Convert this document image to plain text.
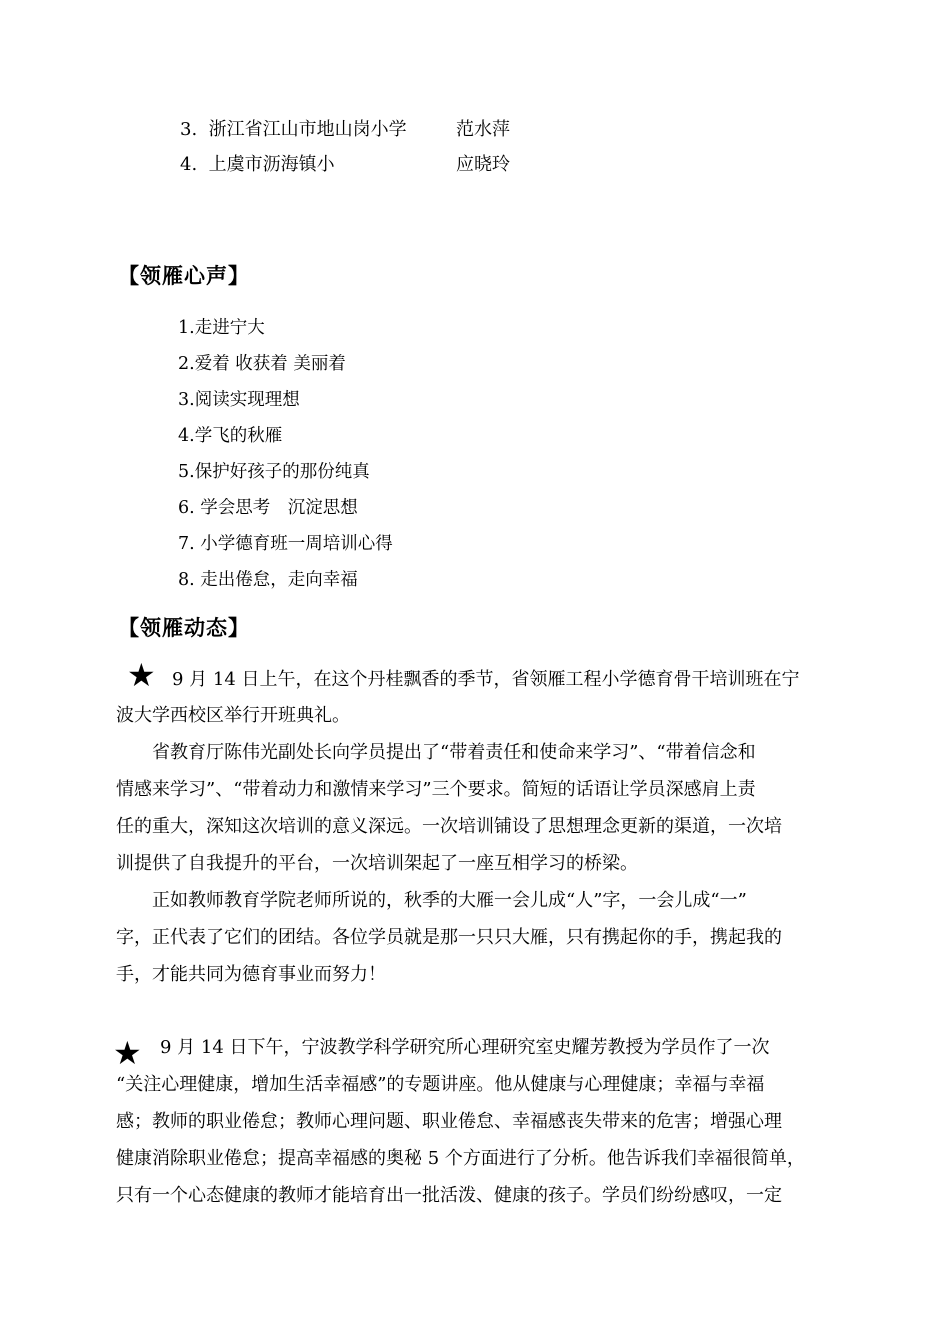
3. 浙江省江山市地山岗小学	范水萍
4. 上虞市沥海镇小	应晓玲
【领雁心声】
1.走进宁大
2.爱着 收获着 美丽着
3.阅读实现理想
4.学飞的秋雁
5.保护好孩子的那份纯真
6. 学会思考　沉淀思想
7. 小学德育班一周培训心得
8. 走出倦怠，走向幸福
【领雁动态】
★ 9 月 14 日上午，在这个丹桂飘香的季节，省领雁工程小学德育骨干培训班在宁
波大学西校区举行开班典礼。
省教育厅陈伟光副处长向学员提出了“带着责任和使命来学习”、“带着信念和
情感来学习”、“带着动力和激情来学习”三个要求。简短的话语让学员深感肩上责
任的重大，深知这次培训的意义深远。一次培训铺设了思想理念更新的渠道，一次培
训提供了自我提升的平台，一次培训架起了一座互相学习的桥梁。
正如教师教育学院老师所说的，秋季的大雁一会儿成“人”字，一会儿成“一”
字，正代表了它们的团结。各位学员就是那一只只大雁，只有携起你的手，携起我的
手，才能共同为德育事业而努力！
★ 9 月 14 日下午，宁波教学科学研究所心理研究室史耀芳教授为学员作了一次
“关注心理健康，增加生活幸福感”的专题讲座。他从健康与心理健康；幸福与幸福
感；教师的职业倦怠；教师心理问题、职业倦怠、幸福感丧失带来的危害；增强心理
健康消除职业倦怠；提高幸福感的奥秘 5 个方面进行了分析。他告诉我们幸福很简单，
只有一个心态健康的教师才能培育出一批活泼、健康的孩子。学员们纷纷感叹，一定
